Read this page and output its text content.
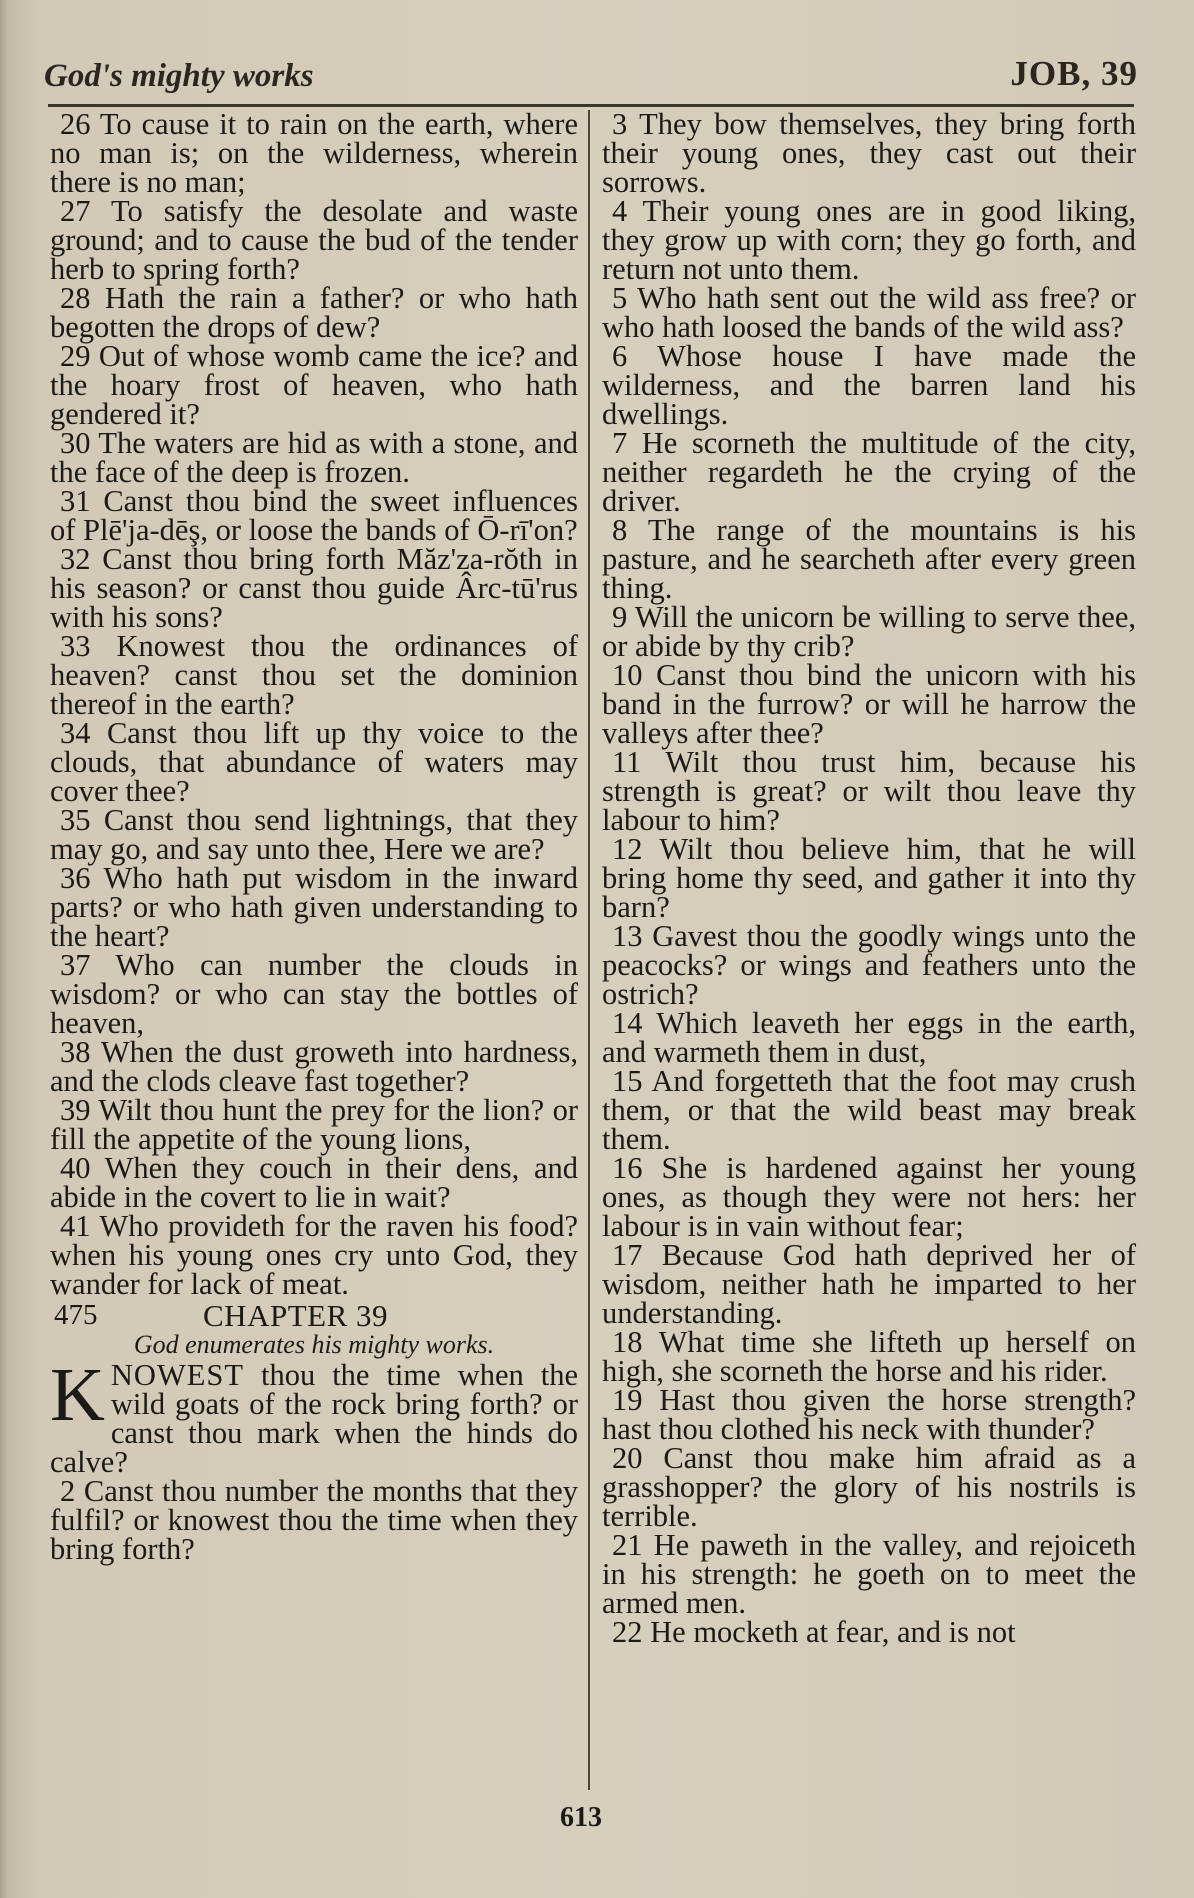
God's mighty works	JOB, 39

26 To cause it to rain on the earth, where no man is; on the wilderness, wherein there is no man;

27 To satisfy the desolate and waste ground; and to cause the bud of the tender herb to spring forth?

28 Hath the rain a father? or who hath begotten the drops of dew?

29 Out of whose womb came the ice? and the hoary frost of heaven, who hath gendered it?

30 The waters are hid as with a stone, and the face of the deep is frozen.

31 Canst thou bind the sweet influences of Plē'ja-dēş, or loose the bands of Ō-rī'on?

32 Canst thou bring forth Măz'za-rŏth in his season? or canst thou guide Ârc-tū'rus with his sons?

33 Knowest thou the ordinances of heaven? canst thou set the dominion thereof in the earth?

34 Canst thou lift up thy voice to the clouds, that abundance of waters may cover thee?

35 Canst thou send lightnings, that they may go, and say unto thee, Here we are?

36 Who hath put wisdom in the inward parts? or who hath given understanding to the heart?

37 Who can number the clouds in wisdom? or who can stay the bottles of heaven,

38 When the dust groweth into hardness, and the clods cleave fast together?

39 Wilt thou hunt the prey for the lion? or fill the appetite of the young lions,

40 When they couch in their dens, and abide in the covert to lie in wait?

41 Who provideth for the raven his food? when his young ones cry unto God, they wander for lack of meat.

475	CHAPTER 39

God enumerates his mighty works.

KNOWEST thou the time when the wild goats of the rock bring forth? or canst thou mark when the hinds do calve?

2 Canst thou number the months that they fulfil? or knowest thou the time when they bring forth?

3 They bow themselves, they bring forth their young ones, they cast out their sorrows.

4 Their young ones are in good liking, they grow up with corn; they go forth, and return not unto them.

5 Who hath sent out the wild ass free? or who hath loosed the bands of the wild ass?

6 Whose house I have made the wilderness, and the barren land his dwellings.

7 He scorneth the multitude of the city, neither regardeth he the crying of the driver.

8 The range of the mountains is his pasture, and he searcheth after every green thing.

9 Will the unicorn be willing to serve thee, or abide by thy crib?

10 Canst thou bind the unicorn with his band in the furrow? or will he harrow the valleys after thee?

11 Wilt thou trust him, because his strength is great? or wilt thou leave thy labour to him?

12 Wilt thou believe him, that he will bring home thy seed, and gather it into thy barn?

13 Gavest thou the goodly wings unto the peacocks? or wings and feathers unto the ostrich?

14 Which leaveth her eggs in the earth, and warmeth them in dust,

15 And forgetteth that the foot may crush them, or that the wild beast may break them.

16 She is hardened against her young ones, as though they were not hers: her labour is in vain without fear;

17 Because God hath deprived her of wisdom, neither hath he imparted to her understanding.

18 What time she lifteth up herself on high, she scorneth the horse and his rider.

19 Hast thou given the horse strength? hast thou clothed his neck with thunder?

20 Canst thou make him afraid as a grasshopper? the glory of his nostrils is terrible.

21 He paweth in the valley, and rejoiceth in his strength: he goeth on to meet the armed men.

22 He mocketh at fear, and is not

613
